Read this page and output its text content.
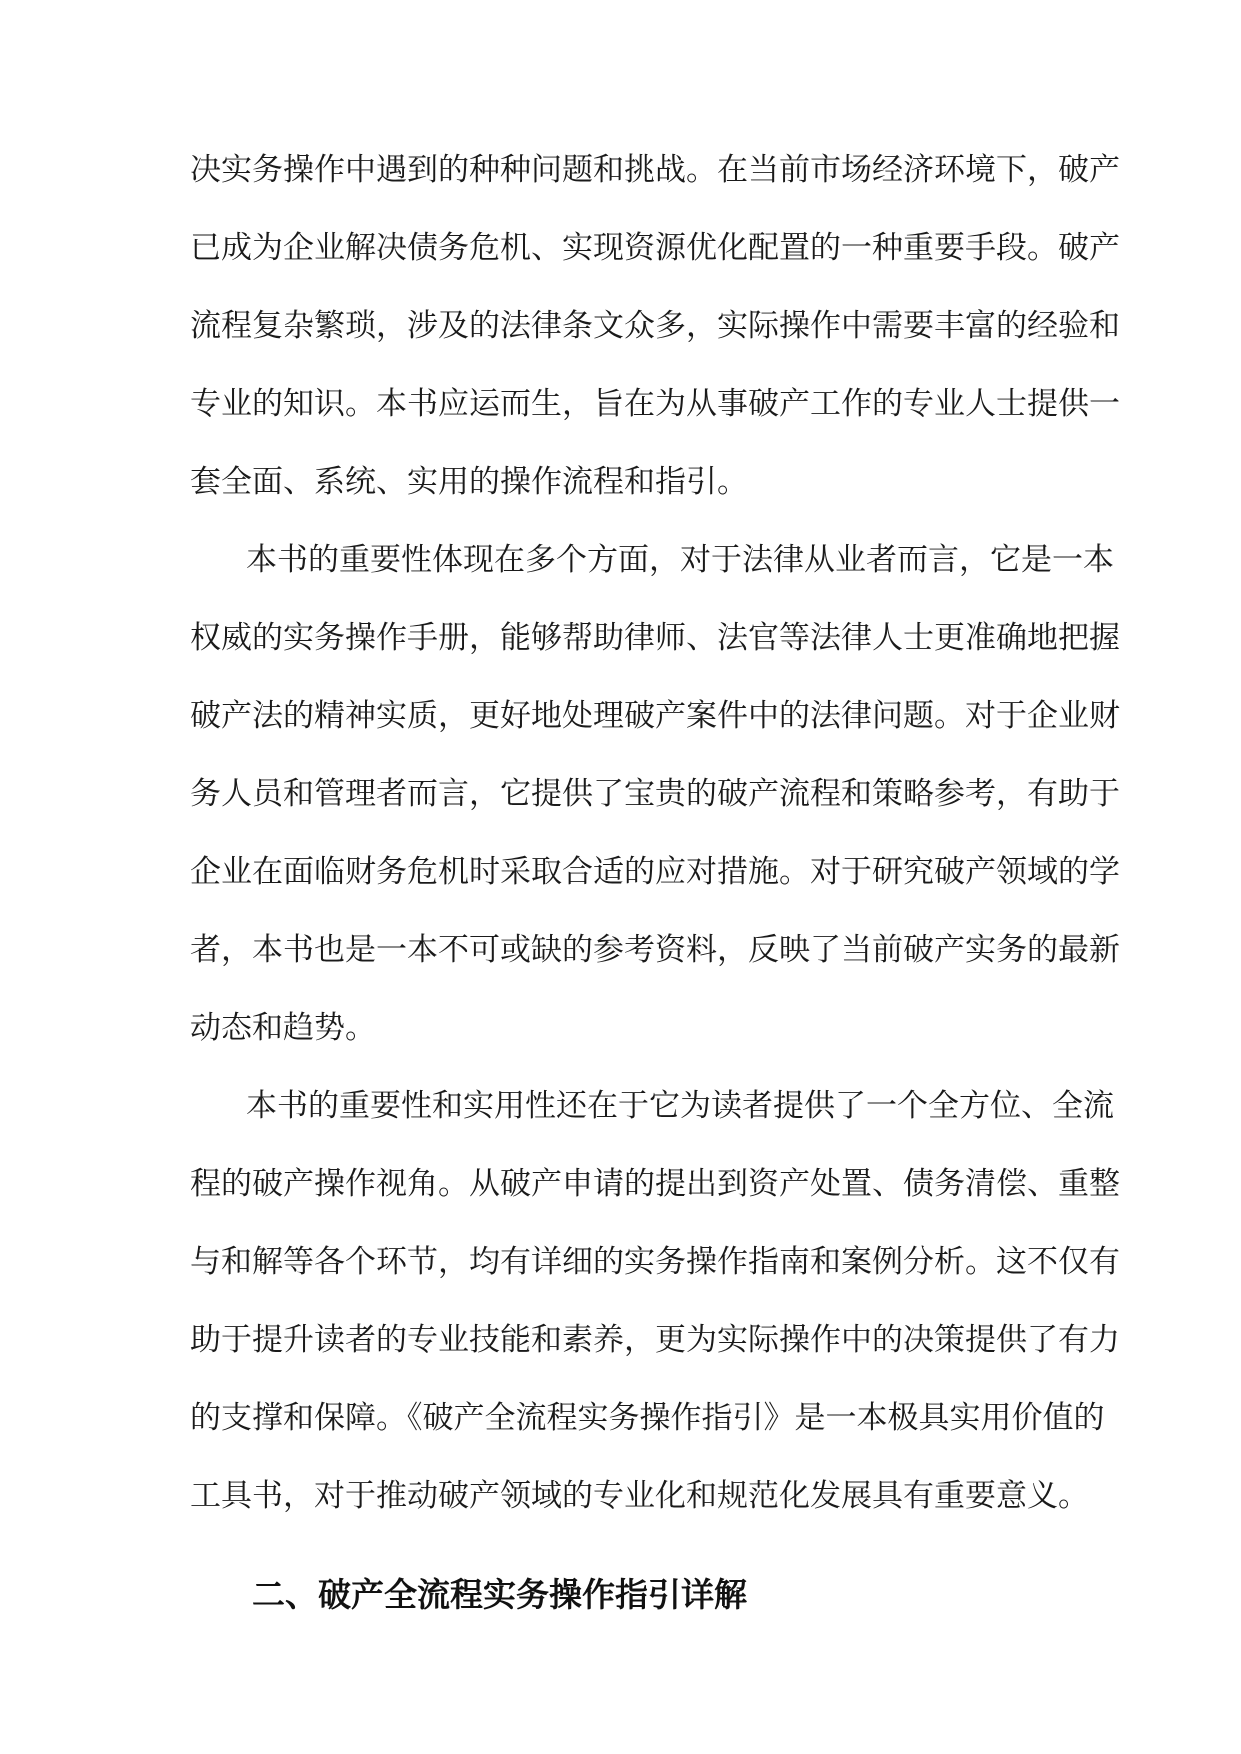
决实务操作中遇到的种种问题和挑战。在当前市场经济环境下，破产
已成为企业解决债务危机、实现资源优化配置的一种重要手段。破产
流程复杂繁琐，涉及的法律条文众多，实际操作中需要丰富的经验和
专业的知识。本书应运而生，旨在为从事破产工作的专业人士提供一
套全面、系统、实用的操作流程和指引。
本书的重要性体现在多个方面，对于法律从业者而言，它是一本
权威的实务操作手册，能够帮助律师、法官等法律人士更准确地把握
破产法的精神实质，更好地处理破产案件中的法律问题。对于企业财
务人员和管理者而言，它提供了宝贵的破产流程和策略参考，有助于
企业在面临财务危机时采取合适的应对措施。对于研究破产领域的学
者，本书也是一本不可或缺的参考资料，反映了当前破产实务的最新
动态和趋势。
本书的重要性和实用性还在于它为读者提供了一个全方位、全流
程的破产操作视角。从破产申请的提出到资产处置、债务清偿、重整
与和解等各个环节，均有详细的实务操作指南和案例分析。这不仅有
助于提升读者的专业技能和素养，更为实际操作中的决策提供了有力
的支撑和保障。《破产全流程实务操作指引》是一本极具实用价值的
工具书，对于推动破产领域的专业化和规范化发展具有重要意义。
二、破产全流程实务操作指引详解
